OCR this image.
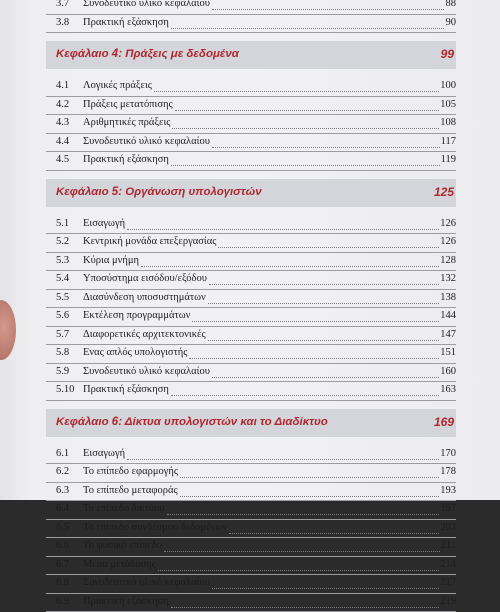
3.7 Συνοδευτικό υλικό κεφαλαίου	88
3.8 Πρακτική εξάσκηση	90
Κεφάλαιο 4: Πράξεις με δεδομένα	99
4.1 Λογικές πράξεις	100
4.2 Πράξεις μετατόπισης	105
4.3 Αριθμητικές πράξεις	108
4.4 Συνοδευτικό υλικό κεφαλαίου	117
4.5 Πρακτική εξάσκηση	119
Κεφάλαιο 5: Οργάνωση υπολογιστών	125
5.1 Εισαγωγή	126
5.2 Κεντρική μονάδα επεξεργασίας	126
5.3 Κύρια μνήμη	128
5.4 Υποσύστημα εισόδου/εξόδου	132
5.5 Διασύνδεση υποσυστημάτων	138
5.6 Εκτέλεση προγραμμάτων	144
5.7 Διαφορετικές αρχιτεκτονικές	147
5.8 Ενας απλός υπολογιστής	151
5.9 Συνοδευτικό υλικό κεφαλαίου	160
5.10 Πρακτική εξάσκηση	163
Κεφάλαιο 6: Δίκτυα υπολογιστών και το Διαδίκτυο	169
6.1 Εισαγωγή	170
6.2 Το επίπεδο εφαρμογής	178
6.3 Το επίπεδο μεταφοράς	193
6.4 Το επίπεδο δικτύου	197
6.5 Το επίπεδο συνδέσμου δεδομένων	203
6.6 Το φυσικό επίπεδο	211
6.7 Μέσα μετάδοσης	214
6.8 Συνοδευτικό υλικό κεφαλαίου	217
6.9 Πρακτική εξάσκηση	219
